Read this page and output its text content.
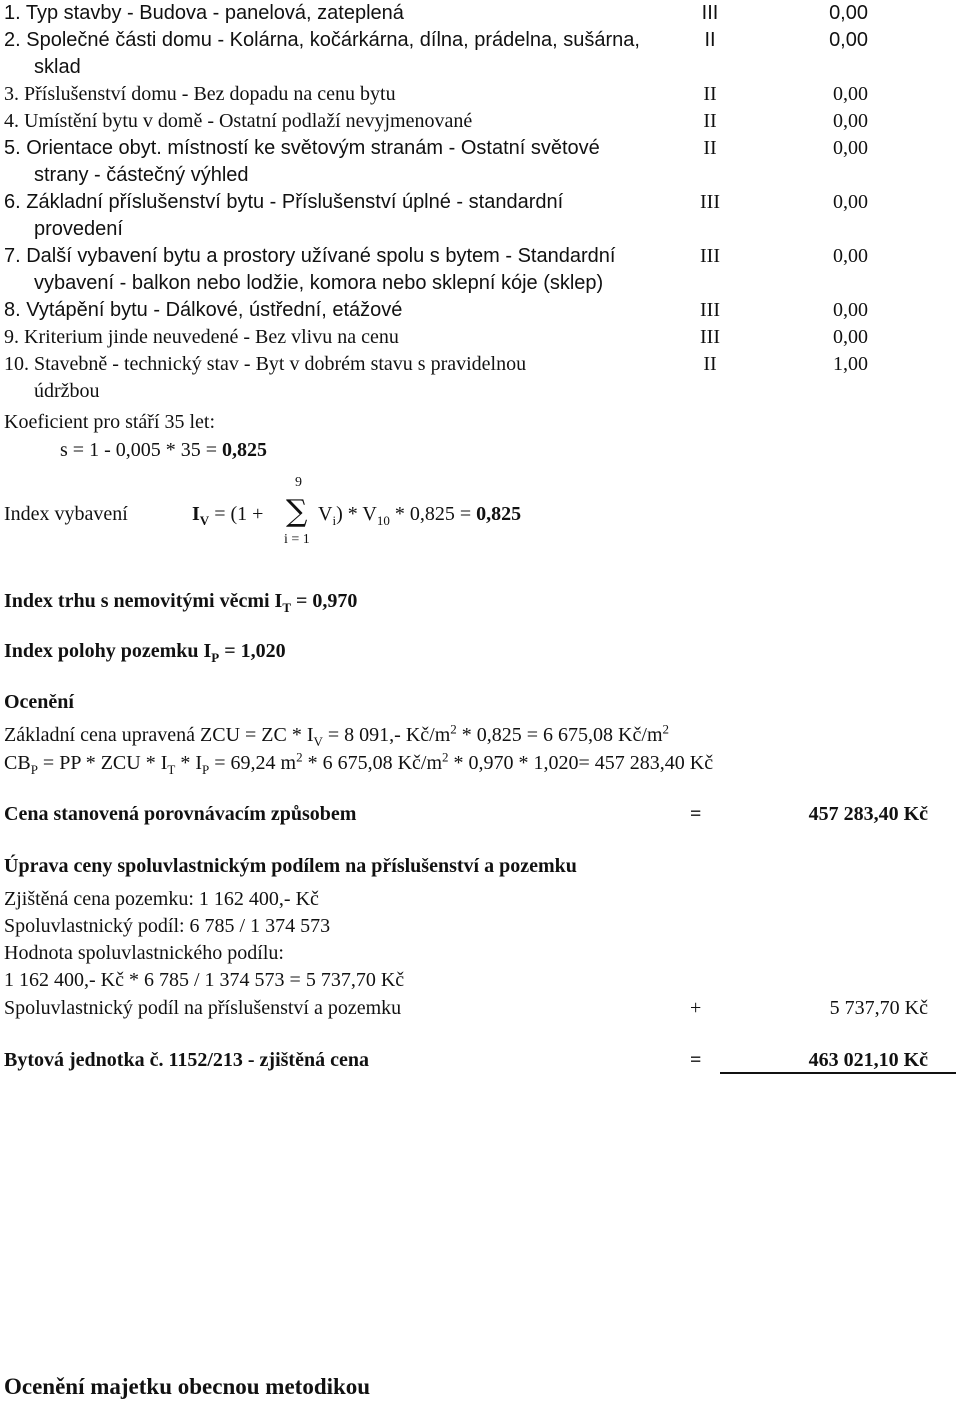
1. Typ stavby - Budova - panelová, zateplená	III	0,00
2. Společné části domu - Kolárna, kočárkárna, dílna, prádelna, sušárna,
sklad
II	0,00
3. Příslušenství domu - Bez dopadu na cenu bytu	II	0,00
4. Umístění bytu v domě - Ostatní podlaží nevyjmenované	II	0,00
5. Orientace obyt. místností ke světovým stranám - Ostatní světové
strany - částečný výhled
II	0,00
6. Základní příslušenství bytu - Příslušenství úplné - standardní
provedení
III	0,00
7. Další vybavení bytu a prostory užívané spolu s bytem - Standardní
vybavení - balkon nebo lodžie, komora nebo sklepní kóje (sklep)
III	0,00
8. Vytápění bytu - Dálkové, ústřední, etážové	III	0,00
9. Kriterium jinde neuvedené - Bez vlivu na cenu	III	0,00
10. Stavebně - technický stav - Byt v dobrém stavu s pravidelnou
údržbou
II	1,00
Koeficient pro stáří 35 let:
s = 1 - 0,005 * 35 = 0,825
Index vybavení
9
i = 1
$I_V = (1$ + ∑ $V_i) * V_{10} * 0,825 = 0,825$
Index trhu s nemovitými věcmi $I_T = 0,970$
Index polohy pozemku $I_P = 1,020$
Ocenění
Základní cena upravená ZCU = ZC * $I_V = 8$ 091,- $Kč/m^2 * 0,825 = 6$ 675,08 $Kč/m^2$
$CB_P$ = PP * ZCU * $I_T * I_P = 69,24$ $m^2 * 6$ 675,08 $Kč/m^2 * 0,970 * 1,020= 457$ 283,40 Kč
Cena stanovená porovnávacím způsobem	=	457 283,40 Kč
Úprava ceny spoluvlastnickým podílem na příslušenství a pozemku
Zjištěná cena pozemku: 1 162 400,- Kč
Spoluvlastnický podíl: 6 785 / 1 374 573
Hodnota spoluvlastnického podílu:
1 162 400,- Kč * 6 785 / 1 374 573 = 5 737,70 Kč
Spoluvlastnický podíl na příslušenství a pozemku	+	5 737,70 Kč
Bytová jednotka č. 1152/213 - zjištěná cena	=	463 021,10 Kč
Ocenění majetku obecnou metodikou
